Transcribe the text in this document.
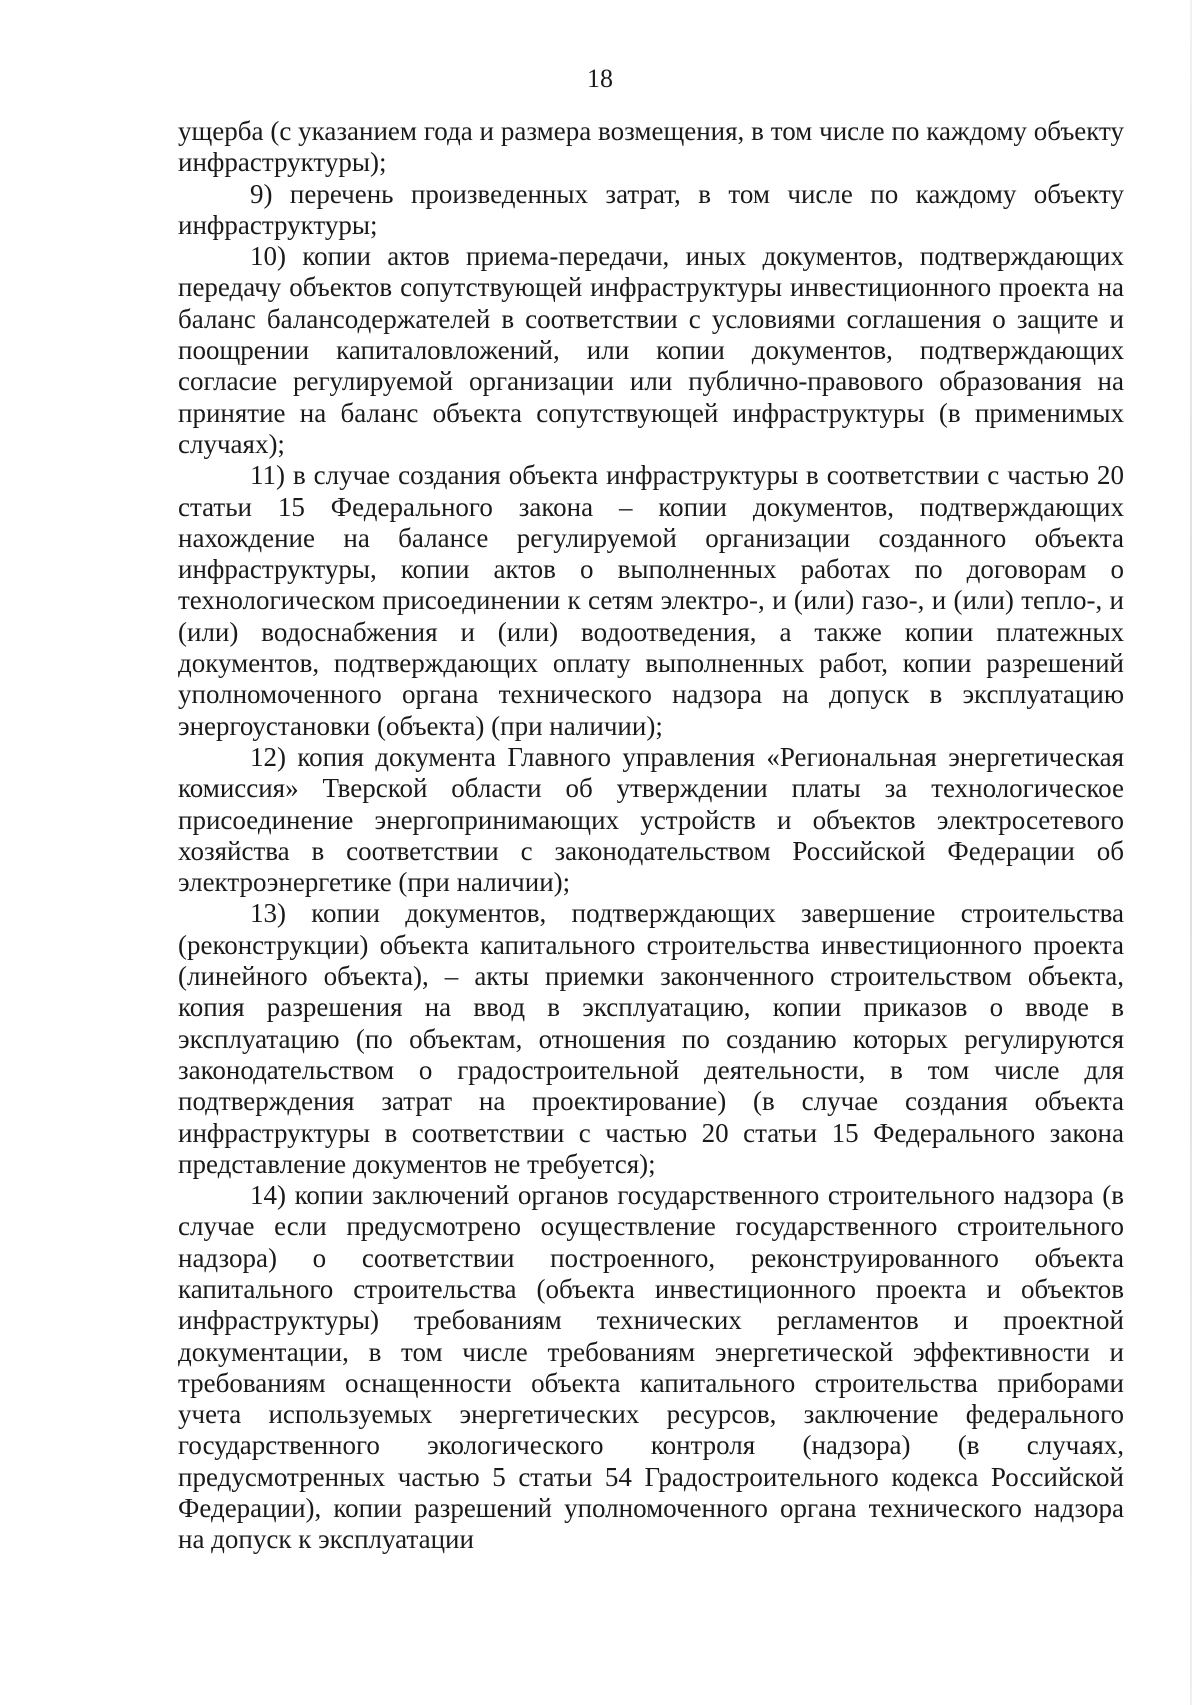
18

ущерба (с указанием года и размера возмещения, в том числе по каждому объекту инфраструктуры);

9) перечень произведенных затрат, в том числе по каждому объекту инфраструктуры;

10) копии актов приема-передачи, иных документов, подтверждающих передачу объектов сопутствующей инфраструктуры инвестиционного проекта на баланс балансодержателей в соответствии с условиями соглашения о защите и поощрении капиталовложений, или копии документов, подтверждающих согласие регулируемой организации или публично-правового образования на принятие на баланс объекта сопутствующей инфраструктуры (в применимых случаях);

11) в случае создания объекта инфраструктуры в соответствии с частью 20 статьи 15 Федерального закона – копии документов, подтверждающих нахождение на балансе регулируемой организации созданного объекта инфраструктуры, копии актов о выполненных работах по договорам о технологическом присоединении к сетям электро-, и (или) газо-, и (или) тепло-, и (или) водоснабжения и (или) водоотведения, а также копии платежных документов, подтверждающих оплату выполненных работ, копии разрешений уполномоченного органа технического надзора на допуск в эксплуатацию энергоустановки (объекта) (при наличии);

12) копия документа Главного управления «Региональная энергетическая комиссия» Тверской области об утверждении платы за технологическое присоединение энергопринимающих устройств и объектов электросетевого хозяйства в соответствии с законодательством Российской Федерации об электроэнергетике (при наличии);

13) копии документов, подтверждающих завершение строительства (реконструкции) объекта капитального строительства инвестиционного проекта (линейного объекта), – акты приемки законченного строительством объекта, копия разрешения на ввод в эксплуатацию, копии приказов о вводе в эксплуатацию (по объектам, отношения по созданию которых регулируются законодательством о градостроительной деятельности, в том числе для подтверждения затрат на проектирование) (в случае создания объекта инфраструктуры в соответствии с частью 20 статьи 15 Федерального закона представление документов не требуется);

14) копии заключений органов государственного строительного надзора (в случае если предусмотрено осуществление государственного строительного надзора) о соответствии построенного, реконструированного объекта капитального строительства (объекта инвестиционного проекта и объектов инфраструктуры) требованиям технических регламентов и проектной документации, в том числе требованиям энергетической эффективности и требованиям оснащенности объекта капитального строительства приборами учета используемых энергетических ресурсов, заключение федерального государственного экологического контроля (надзора) (в случаях, предусмотренных частью 5 статьи 54 Градостроительного кодекса Российской Федерации), копии разрешений уполномоченного органа технического надзора на допуск к эксплуатации
